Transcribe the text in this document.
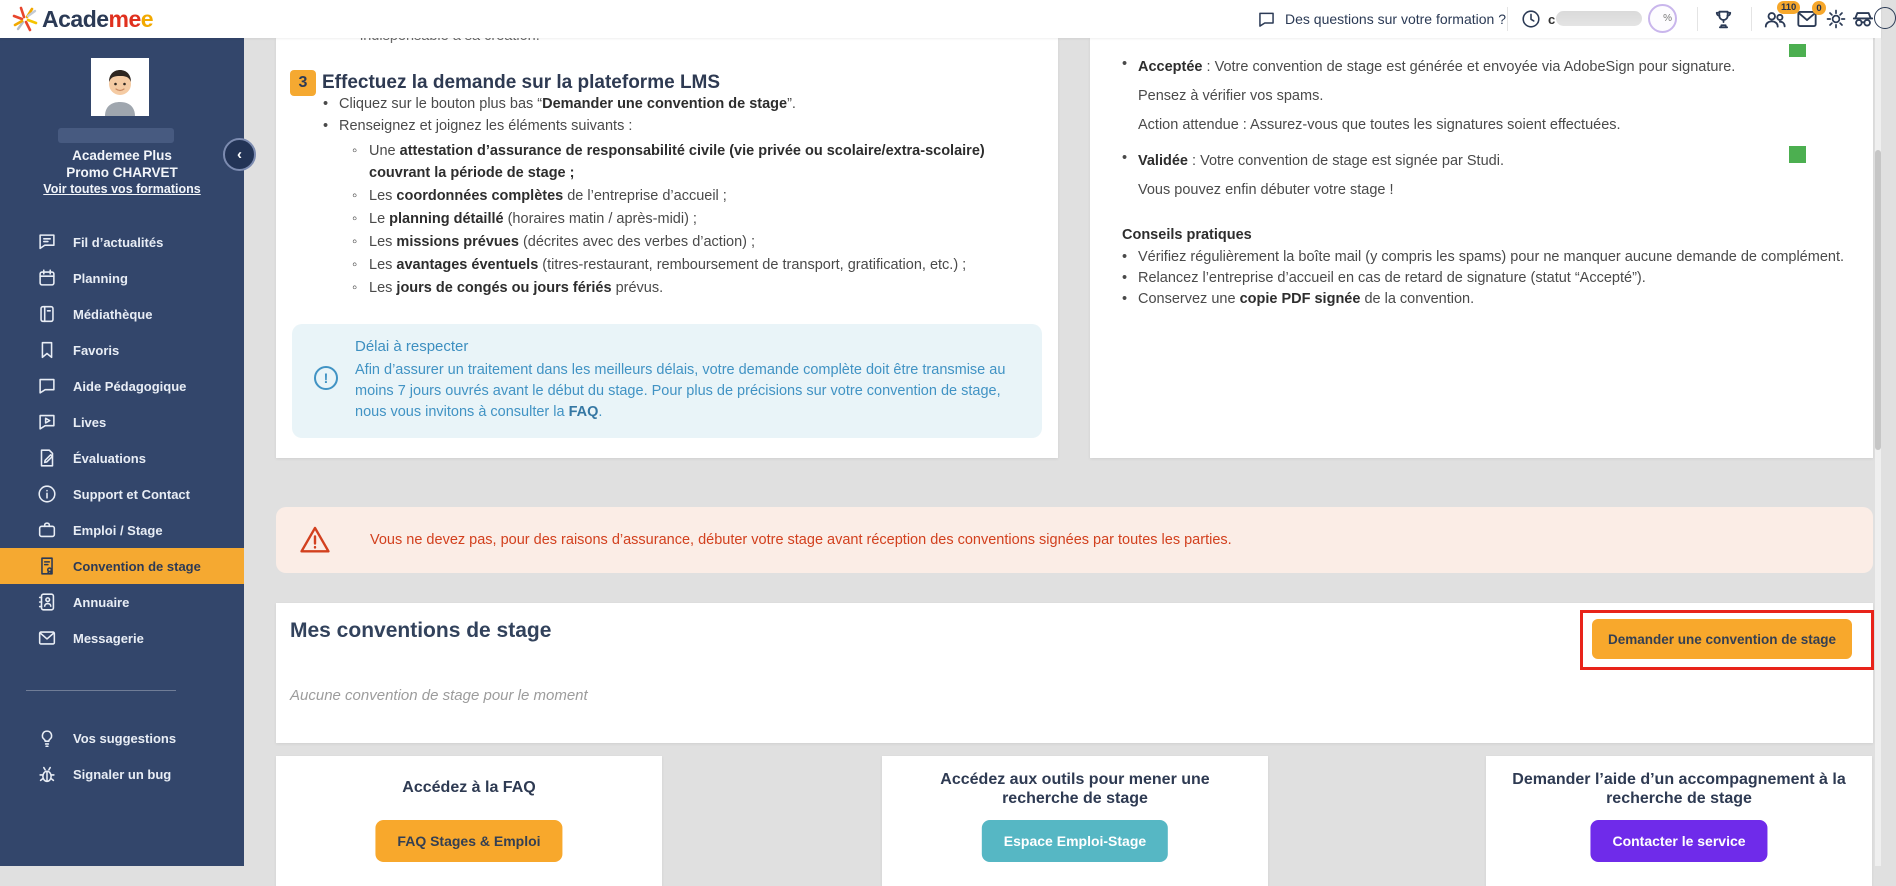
Academee	Des questions sur votre formation ?	c	%
110	0
Academee Plus
Promo CHARVET
Voir toutes vos formations
Fil d’actualités
Planning
Médiathèque
Favoris
Aide Pédagogique
Lives
Évaluations
Support et Contact
Emploi / Stage
Convention de stage
Annuaire
Messagerie
Vos suggestions
Signaler un bug
‹
3 Effectuez la demande sur la plateforme LMS
• Cliquez sur le bouton plus bas “Demander une convention de stage”.
• Renseignez et joignez les éléments suivants :
◦ Une attestation d’assurance de responsabilité civile (vie privée ou scolaire/extra-scolaire) couvrant la période de stage ;
◦ Les coordonnées complètes de l’entreprise d’accueil ;
◦ Le planning détaillé (horaires matin / après-midi) ;
◦ Les missions prévues (décrites avec des verbes d’action) ;
◦ Les avantages éventuels (titres-restaurant, remboursement de transport, gratification, etc.) ;
◦ Les jours de congés ou jours fériés prévus.
!
Délai à respecter
Afin d’assurer un traitement dans les meilleurs délais, votre demande complète doit être transmise au moins 7 jours ouvrés avant le début du stage. Pour plus de précisions sur votre convention de stage, nous vous invitons à consulter la FAQ.

• Acceptée : Votre convention de stage est générée et envoyée via AdobeSign pour signature.

Pensez à vérifier vos spams.

Action attendue : Assurez-vous que toutes les signatures soient effectuées.

• Validée : Votre convention de stage est signée par Studi.

Vous pouvez enfin débuter votre stage !

Conseils pratiques
• Vérifiez régulièrement la boîte mail (y compris les spams) pour ne manquer aucune demande de complément.
• Relancez l’entreprise d’accueil en cas de retard de signature (statut “Accepté”).
• Conservez une copie PDF signée de la convention.
Vous ne devez pas, pour des raisons d’assurance, débuter votre stage avant réception des conventions signées par toutes les parties.
Mes conventions de stage
Aucune convention de stage pour le moment
Demander une convention de stage
Accédez à la FAQ
FAQ Stages & Emploi
Accédez aux outils pour mener une recherche de stage
Espace Emploi-Stage
Demander l’aide d’un accompagnement à la recherche de stage
Contacter le service
